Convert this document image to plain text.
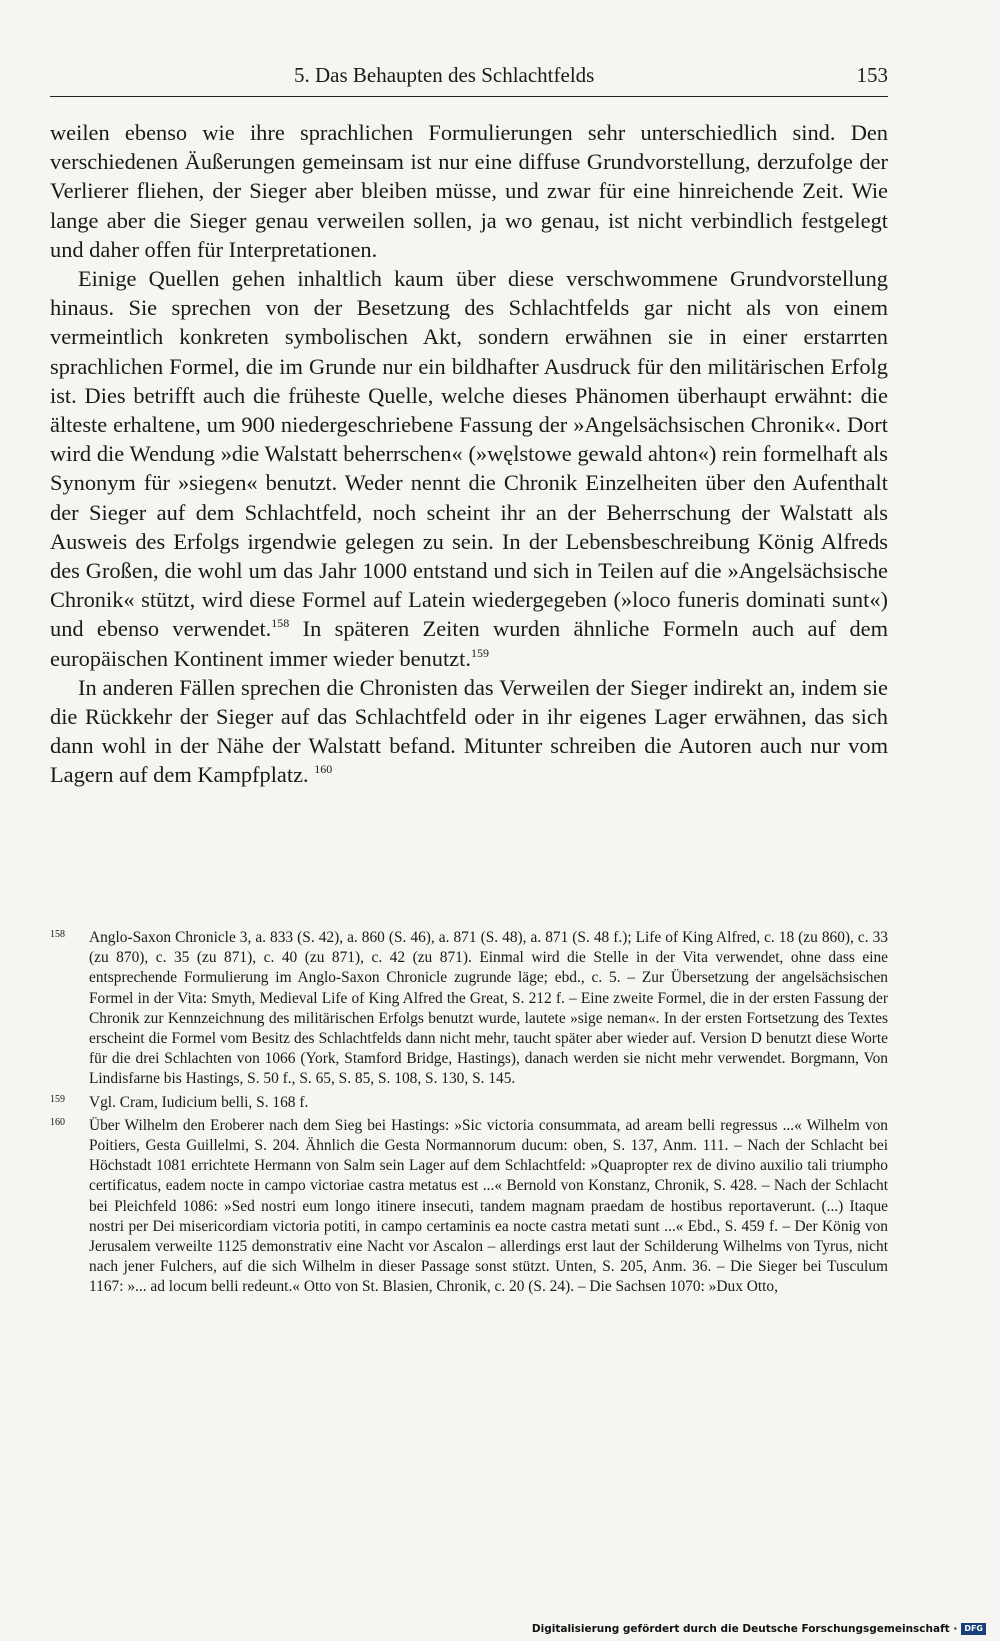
5. Das Behaupten des Schlachtfelds	153

weilen ebenso wie ihre sprachlichen Formulierungen sehr unterschiedlich sind. Den verschiedenen Äußerungen gemeinsam ist nur eine diffuse Grundvorstellung, derzufolge der Verlierer fliehen, der Sieger aber bleiben müsse, und zwar für eine hinreichende Zeit. Wie lange aber die Sieger genau verweilen sollen, ja wo genau, ist nicht verbindlich festgelegt und daher offen für Interpretationen.

Einige Quellen gehen inhaltlich kaum über diese verschwommene Grundvorstellung hinaus. Sie sprechen von der Besetzung des Schlachtfelds gar nicht als von einem vermeintlich konkreten symbolischen Akt, sondern erwähnen sie in einer erstarrten sprachlichen Formel, die im Grunde nur ein bildhafter Ausdruck für den militärischen Erfolg ist. Dies betrifft auch die früheste Quelle, welche dieses Phänomen überhaupt erwähnt: die älteste erhaltene, um 900 niedergeschriebene Fassung der »Angelsächsischen Chronik«. Dort wird die Wendung »die Walstatt beherrschen« (»węlstowe gewald ahton«) rein formelhaft als Synonym für »siegen« benutzt. Weder nennt die Chronik Einzelheiten über den Aufenthalt der Sieger auf dem Schlachtfeld, noch scheint ihr an der Beherrschung der Walstatt als Ausweis des Erfolgs irgendwie gelegen zu sein. In der Lebensbeschreibung König Alfreds des Großen, die wohl um das Jahr 1000 entstand und sich in Teilen auf die »Angelsächsische Chronik« stützt, wird diese Formel auf Latein wiedergegeben (»loco funeris dominati sunt«) und ebenso verwendet.$^{158}$ In späteren Zeiten wurden ähnliche Formeln auch auf dem europäischen Kontinent immer wieder benutzt.$^{159}$

In anderen Fällen sprechen die Chronisten das Verweilen der Sieger indirekt an, indem sie die Rückkehr der Sieger auf das Schlachtfeld oder in ihr eigenes Lager erwähnen, das sich dann wohl in der Nähe der Walstatt befand. Mitunter schreiben die Autoren auch nur vom Lagern auf dem Kampfplatz. $^{160}$

158 Anglo-Saxon Chronicle 3, a. 833 (S. 42), a. 860 (S. 46), a. 871 (S. 48), a. 871 (S. 48 f.); Life of King Alfred, c. 18 (zu 860), c. 33 (zu 870), c. 35 (zu 871), c. 40 (zu 871), c. 42 (zu 871). Einmal wird die Stelle in der Vita verwendet, ohne dass eine entsprechende Formulierung im Anglo-Saxon Chronicle zugrunde läge; ebd., c. 5. – Zur Übersetzung der angelsächsischen Formel in der Vita: Smyth, Medieval Life of King Alfred the Great, S. 212 f. – Eine zweite Formel, die in der ersten Fassung der Chronik zur Kennzeichnung des militärischen Erfolgs benutzt wurde, lautete »sige neman«. In der ersten Fortsetzung des Textes erscheint die Formel vom Besitz des Schlachtfelds dann nicht mehr, taucht später aber wieder auf. Version D benutzt diese Worte für die drei Schlachten von 1066 (York, Stamford Bridge, Hastings), danach werden sie nicht mehr verwendet. Borgmann, Von Lindisfarne bis Hastings, S. 50 f., S. 65, S. 85, S. 108, S. 130, S. 145.
159 Vgl. Cram, Iudicium belli, S. 168 f.
160 Über Wilhelm den Eroberer nach dem Sieg bei Hastings: »Sic victoria consummata, ad aream belli regressus ...« Wilhelm von Poitiers, Gesta Guillelmi, S. 204. Ähnlich die Gesta Normannorum ducum: oben, S. 137, Anm. 111. – Nach der Schlacht bei Höchstadt 1081 errichtete Hermann von Salm sein Lager auf dem Schlachtfeld: »Quapropter rex de divino auxilio tali triumpho certificatus, eadem nocte in campo victoriae castra metatus est ...« Bernold von Konstanz, Chronik, S. 428. – Nach der Schlacht bei Pleichfeld 1086: »Sed nostri eum longo itinere insecuti, tandem magnam praedam de hostibus reportaverunt. (...) Itaque nostri per Dei misericordiam victoria potiti, in campo certaminis ea nocte castra metati sunt ...« Ebd., S. 459 f. – Der König von Jerusalem verweilte 1125 demonstrativ eine Nacht vor Ascalon – allerdings erst laut der Schilderung Wilhelms von Tyrus, nicht nach jener Fulchers, auf die sich Wilhelm in dieser Passage sonst stützt. Unten, S. 205, Anm. 36. – Die Sieger bei Tusculum 1167: »... ad locum belli redeunt.« Otto von St. Blasien, Chronik, c. 20 (S. 24). – Die Sachsen 1070: »Dux Otto,
Digitalisierung gefördert durch die Deutsche Forschungsgemeinschaft · DFG
